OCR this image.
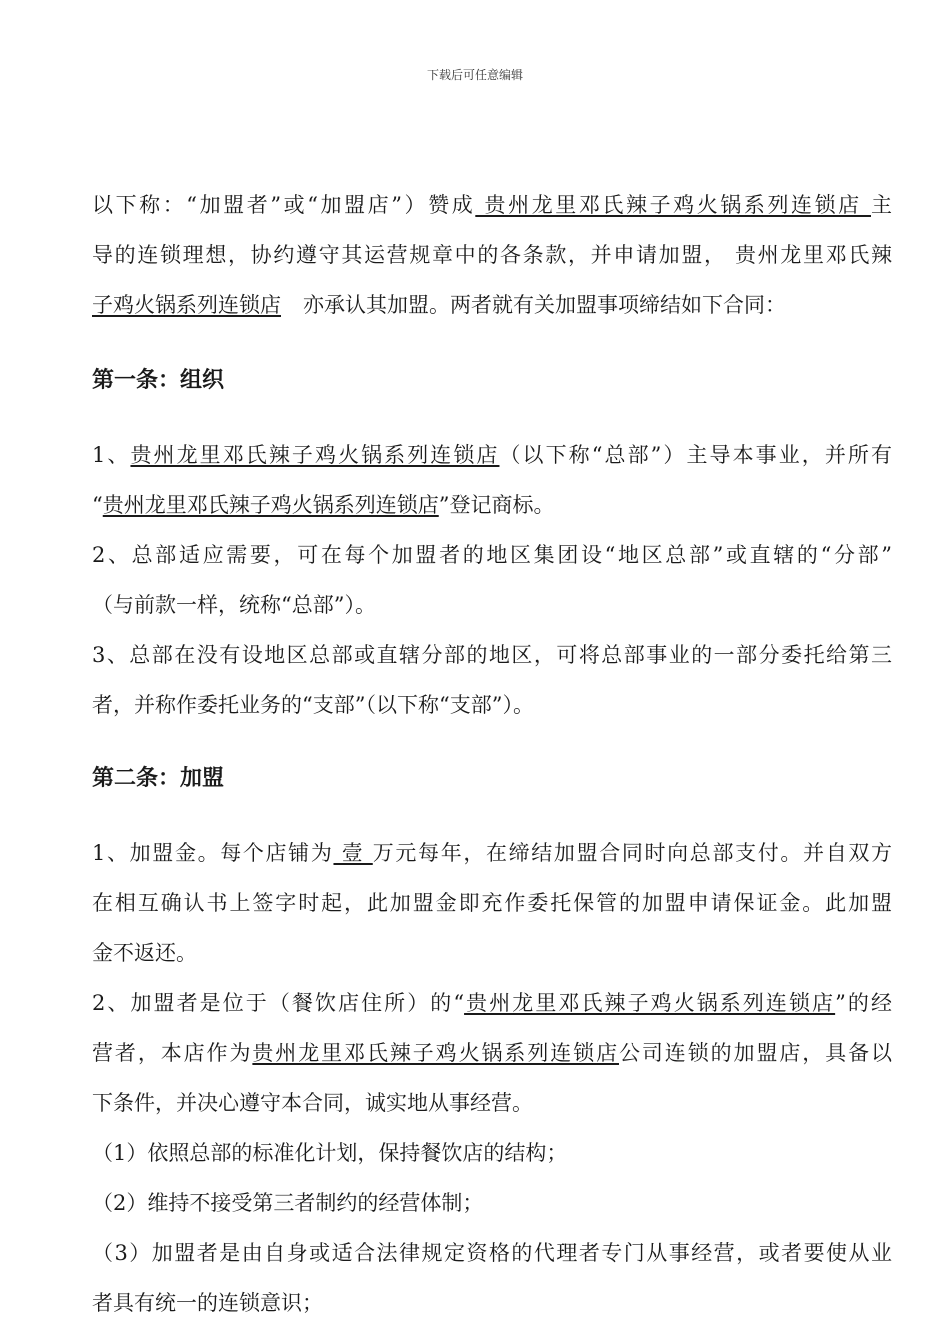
下载后可任意编辑
以下称：“加盟者”或“加盟店”）赞成 贵州龙里邓氏辣子鸡火锅系列连锁店 主
导的连锁理想，协约遵守其运营规章中的各条款，并申请加盟， 贵州龙里邓氏辣
子鸡火锅系列连锁店 亦承认其加盟。两者就有关加盟事项缔结如下合同：
第一条：组织
1、贵州龙里邓氏辣子鸡火锅系列连锁店（以下称“总部”）主导本事业，并所有
“贵州龙里邓氏辣子鸡火锅系列连锁店”登记商标。
2、总部适应需要，可在每个加盟者的地区集团设“地区总部”或直辖的“分部”
（与前款一样，统称“总部”）。
3、总部在没有设地区总部或直辖分部的地区，可将总部事业的一部分委托给第三
者，并称作委托业务的“支部”（以下称“支部”）。
第二条：加盟
1、加盟金。每个店铺为 壹 万元每年，在缔结加盟合同时向总部支付。并自双方
在相互确认书上签字时起，此加盟金即充作委托保管的加盟申请保证金。此加盟
金不返还。
2、加盟者是位于（餐饮店住所）的“贵州龙里邓氏辣子鸡火锅系列连锁店”的经
营者，本店作为贵州龙里邓氏辣子鸡火锅系列连锁店公司连锁的加盟店，具备以
下条件，并决心遵守本合同，诚实地从事经营。
（1）依照总部的标准化计划，保持餐饮店的结构；
（2）维持不接受第三者制约的经营体制；
（3）加盟者是由自身或适合法律规定资格的代理者专门从事经营，或者要使从业
者具有统一的连锁意识；
